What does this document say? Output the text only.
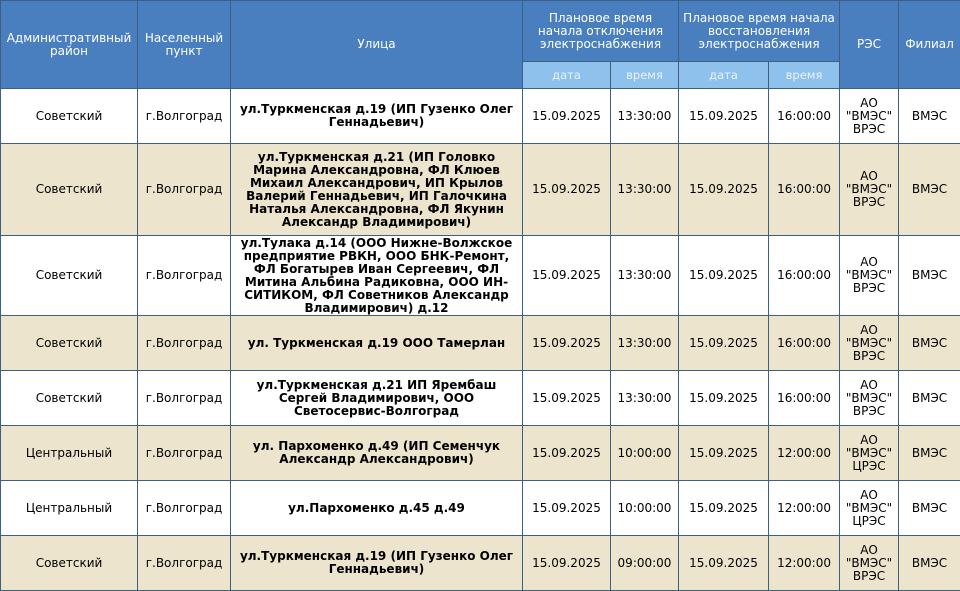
Административный район	Населенный пункт	Улица	Плановое время начала отключения электроснабжения		Плановое время начала восстановления электроснабжения		РЭС	Филиал
			дата	время	дата	время		
Советский	г.Волгоград	ул.Туркменская д.19 (ИП Гузенко Олег Геннадьевич)	15.09.2025	13:30:00	15.09.2025	16:00:00	АО "ВМЭС" ВРЭС	ВМЭС
Советский	г.Волгоград	ул.Туркменская д.21 (ИП Головко Марина Александровна, ФЛ Клюев Михаил Александрович, ИП Крылов Валерий Геннадьевич, ИП Галочкина Наталья Александровна, ФЛ Якунин Александр Владимирович)	15.09.2025	13:30:00	15.09.2025	16:00:00	АО "ВМЭС" ВРЭС	ВМЭС
Советский	г.Волгоград	ул.Тулака д.14 (ООО Нижне-Волжское предприятие РВКН, ООО БНК-Ремонт, ФЛ Богатырев Иван Сергеевич, ФЛ Митина Альбина Радиковна, ООО ИН-СИТИКОМ, ФЛ Советников Александр Владимирович) д.12	15.09.2025	13:30:00	15.09.2025	16:00:00	АО "ВМЭС" ВРЭС	ВМЭС
Советский	г.Волгоград	ул. Туркменская д.19 ООО Тамерлан	15.09.2025	13:30:00	15.09.2025	16:00:00	АО "ВМЭС" ВРЭС	ВМЭС
Советский	г.Волгоград	ул.Туркменская д.21 ИП Ярембаш Сергей Владимирович, ООО Светосервис-Волгоград	15.09.2025	13:30:00	15.09.2025	16:00:00	АО "ВМЭС" ВРЭС	ВМЭС
Центральный	г.Волгоград	ул. Пархоменко д.49 (ИП Семенчук Александр Александрович)	15.09.2025	10:00:00	15.09.2025	12:00:00	АО "ВМЭС" ЦРЭС	ВМЭС
Центральный	г.Волгоград	ул.Пархоменко д.45 д.49	15.09.2025	10:00:00	15.09.2025	12:00:00	АО "ВМЭС" ЦРЭС	ВМЭС
Советский	г.Волгоград	ул.Туркменская д.19 (ИП Гузенко Олег Геннадьевич)	15.09.2025	09:00:00	15.09.2025	12:00:00	АО "ВМЭС" ВРЭС	ВМЭС
